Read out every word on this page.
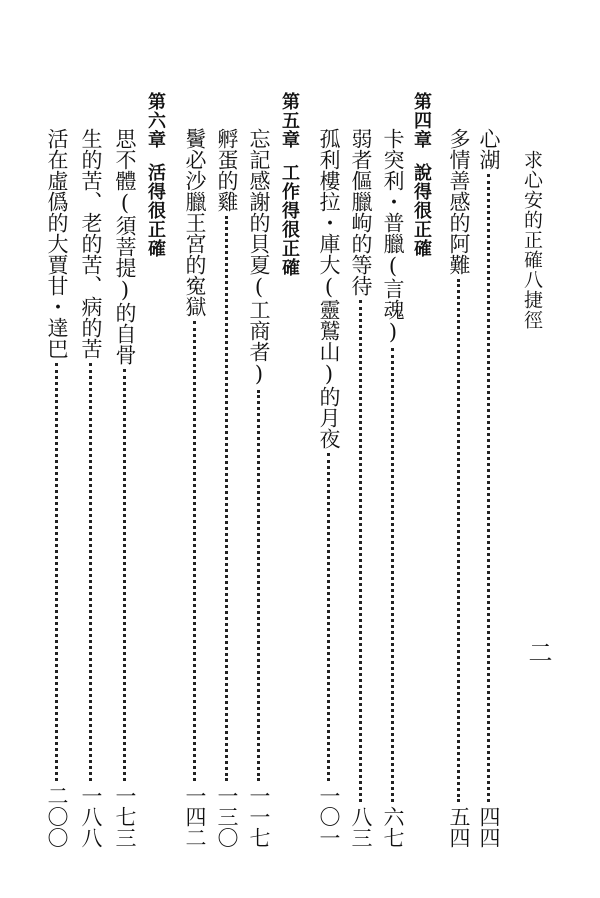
求心安的正確八捷徑
二
心湖
四四
多情善感的阿難
五四
第四章說得很正確
卡突利・普臘(言魂)
六七
弱者傴臘岣的等待
八三
孤利樓拉・庫大(靈鷲山)的月夜
一〇一
第五章工作得很正確
忘記感謝的貝夏(工商者)
一一七
孵蛋的雞
一三〇
鬢必沙臘王宮的寃獄
一四二
第六章活得很正確
思不體(須菩提)的自骨
一七三
生的苦、老的苦、病的苦
一八八
活在虛僞的大賈甘・達巴
二〇〇
